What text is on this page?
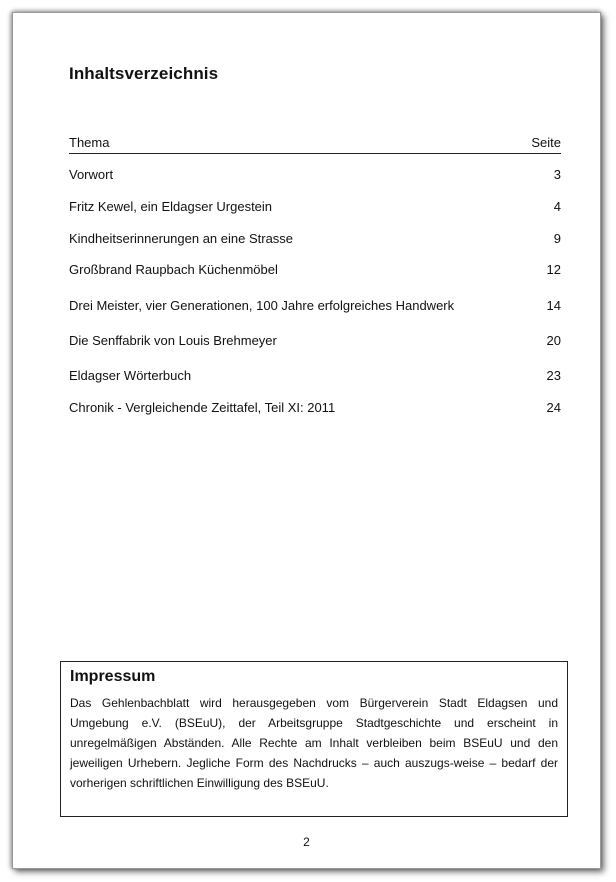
Inhaltsverzeichnis
Thema	Seite
Vorwort	3
Fritz Kewel, ein Eldagser Urgestein	4
Kindheitserinnerungen an eine Strasse	9
Großbrand Raupbach Küchenmöbel	12
Drei Meister, vier Generationen, 100 Jahre erfolgreiches Handwerk	14
Die Senffabrik von Louis Brehmeyer	20
Eldagser Wörterbuch	23
Chronik - Vergleichende Zeittafel, Teil XI: 2011	24
Impressum

Das Gehlenbachblatt wird herausgegeben vom Bürgerverein Stadt Eldagsen und Umgebung e.V. (BSEuU), der Arbeitsgruppe Stadtgeschichte und erscheint in unregelmäßigen Abständen. Alle Rechte am Inhalt verbleiben beim BSEuU und den jeweiligen Urhebern. Jegliche Form des Nachdrucks – auch auszugs-weise – bedarf der vorherigen schriftlichen Einwilligung des BSEuU.

2
